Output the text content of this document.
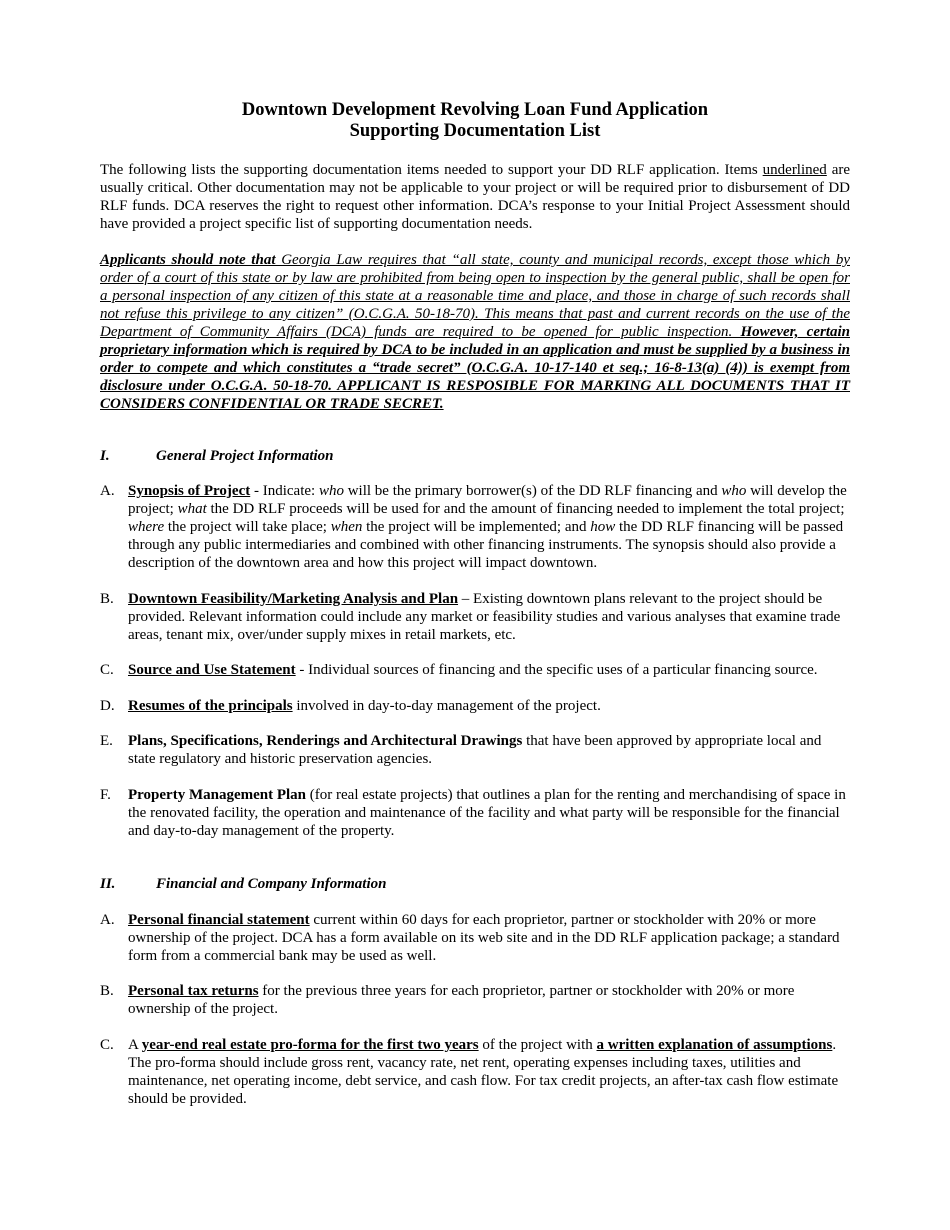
Downtown Development Revolving Loan Fund Application
Supporting Documentation List

The following lists the supporting documentation items needed to support your DD RLF application. Items underlined are usually critical. Other documentation may not be applicable to your project or will be required prior to disbursement of DD RLF funds. DCA reserves the right to request other information. DCA’s response to your Initial Project Assessment should have provided a project specific list of supporting documentation needs.

Applicants should note that Georgia Law requires that “all state, county and municipal records, except those which by order of a court of this state or by law are prohibited from being open to inspection by the general public, shall be open for a personal inspection of any citizen of this state at a reasonable time and place, and those in charge of such records shall not refuse this privilege to any citizen” (O.C.G.A. 50-18-70). This means that past and current records on the use of the Department of Community Affairs (DCA) funds are required to be opened for public inspection. However, certain proprietary information which is required by DCA to be included in an application and must be supplied by a business in order to compete and which constitutes a “trade secret” (O.C.G.A. 10-17-140 et seq.; 16-8-13(a) (4)) is exempt from disclosure under O.C.G.A. 50-18-70. APPLICANT IS RESPOSIBLE FOR MARKING ALL DOCUMENTS THAT IT CONSIDERS CONFIDENTIAL OR TRADE SECRET.

I.	General Project Information

A. Synopsis of Project - Indicate: who will be the primary borrower(s) of the DD RLF financing and who will develop the project; what the DD RLF proceeds will be used for and the amount of financing needed to implement the total project; where the project will take place; when the project will be implemented; and how the DD RLF financing will be passed through any public intermediaries and combined with other financing instruments. The synopsis should also provide a description of the downtown area and how this project will impact downtown.
B. Downtown Feasibility/Marketing Analysis and Plan – Existing downtown plans relevant to the project should be provided. Relevant information could include any market or feasibility studies and various analyses that examine trade areas, tenant mix, over/under supply mixes in retail markets, etc.
C. Source and Use Statement - Individual sources of financing and the specific uses of a particular financing source.
D. Resumes of the principals involved in day-to-day management of the project.
E. Plans, Specifications, Renderings and Architectural Drawings that have been approved by appropriate local and state regulatory and historic preservation agencies.
F. Property Management Plan (for real estate projects) that outlines a plan for the renting and merchandising of space in the renovated facility, the operation and maintenance of the facility and what party will be responsible for the financial and day-to-day management of the property.

II.	Financial and Company Information

A. Personal financial statement current within 60 days for each proprietor, partner or stockholder with 20% or more ownership of the project. DCA has a form available on its web site and in the DD RLF application package; a standard form from a commercial bank may be used as well.
B. Personal tax returns for the previous three years for each proprietor, partner or stockholder with 20% or more ownership of the project.
C. A year-end real estate pro-forma for the first two years of the project with a written explanation of assumptions. The pro-forma should include gross rent, vacancy rate, net rent, operating expenses including taxes, utilities and maintenance, net operating income, debt service, and cash flow. For tax credit projects, an after-tax cash flow estimate should be provided.
